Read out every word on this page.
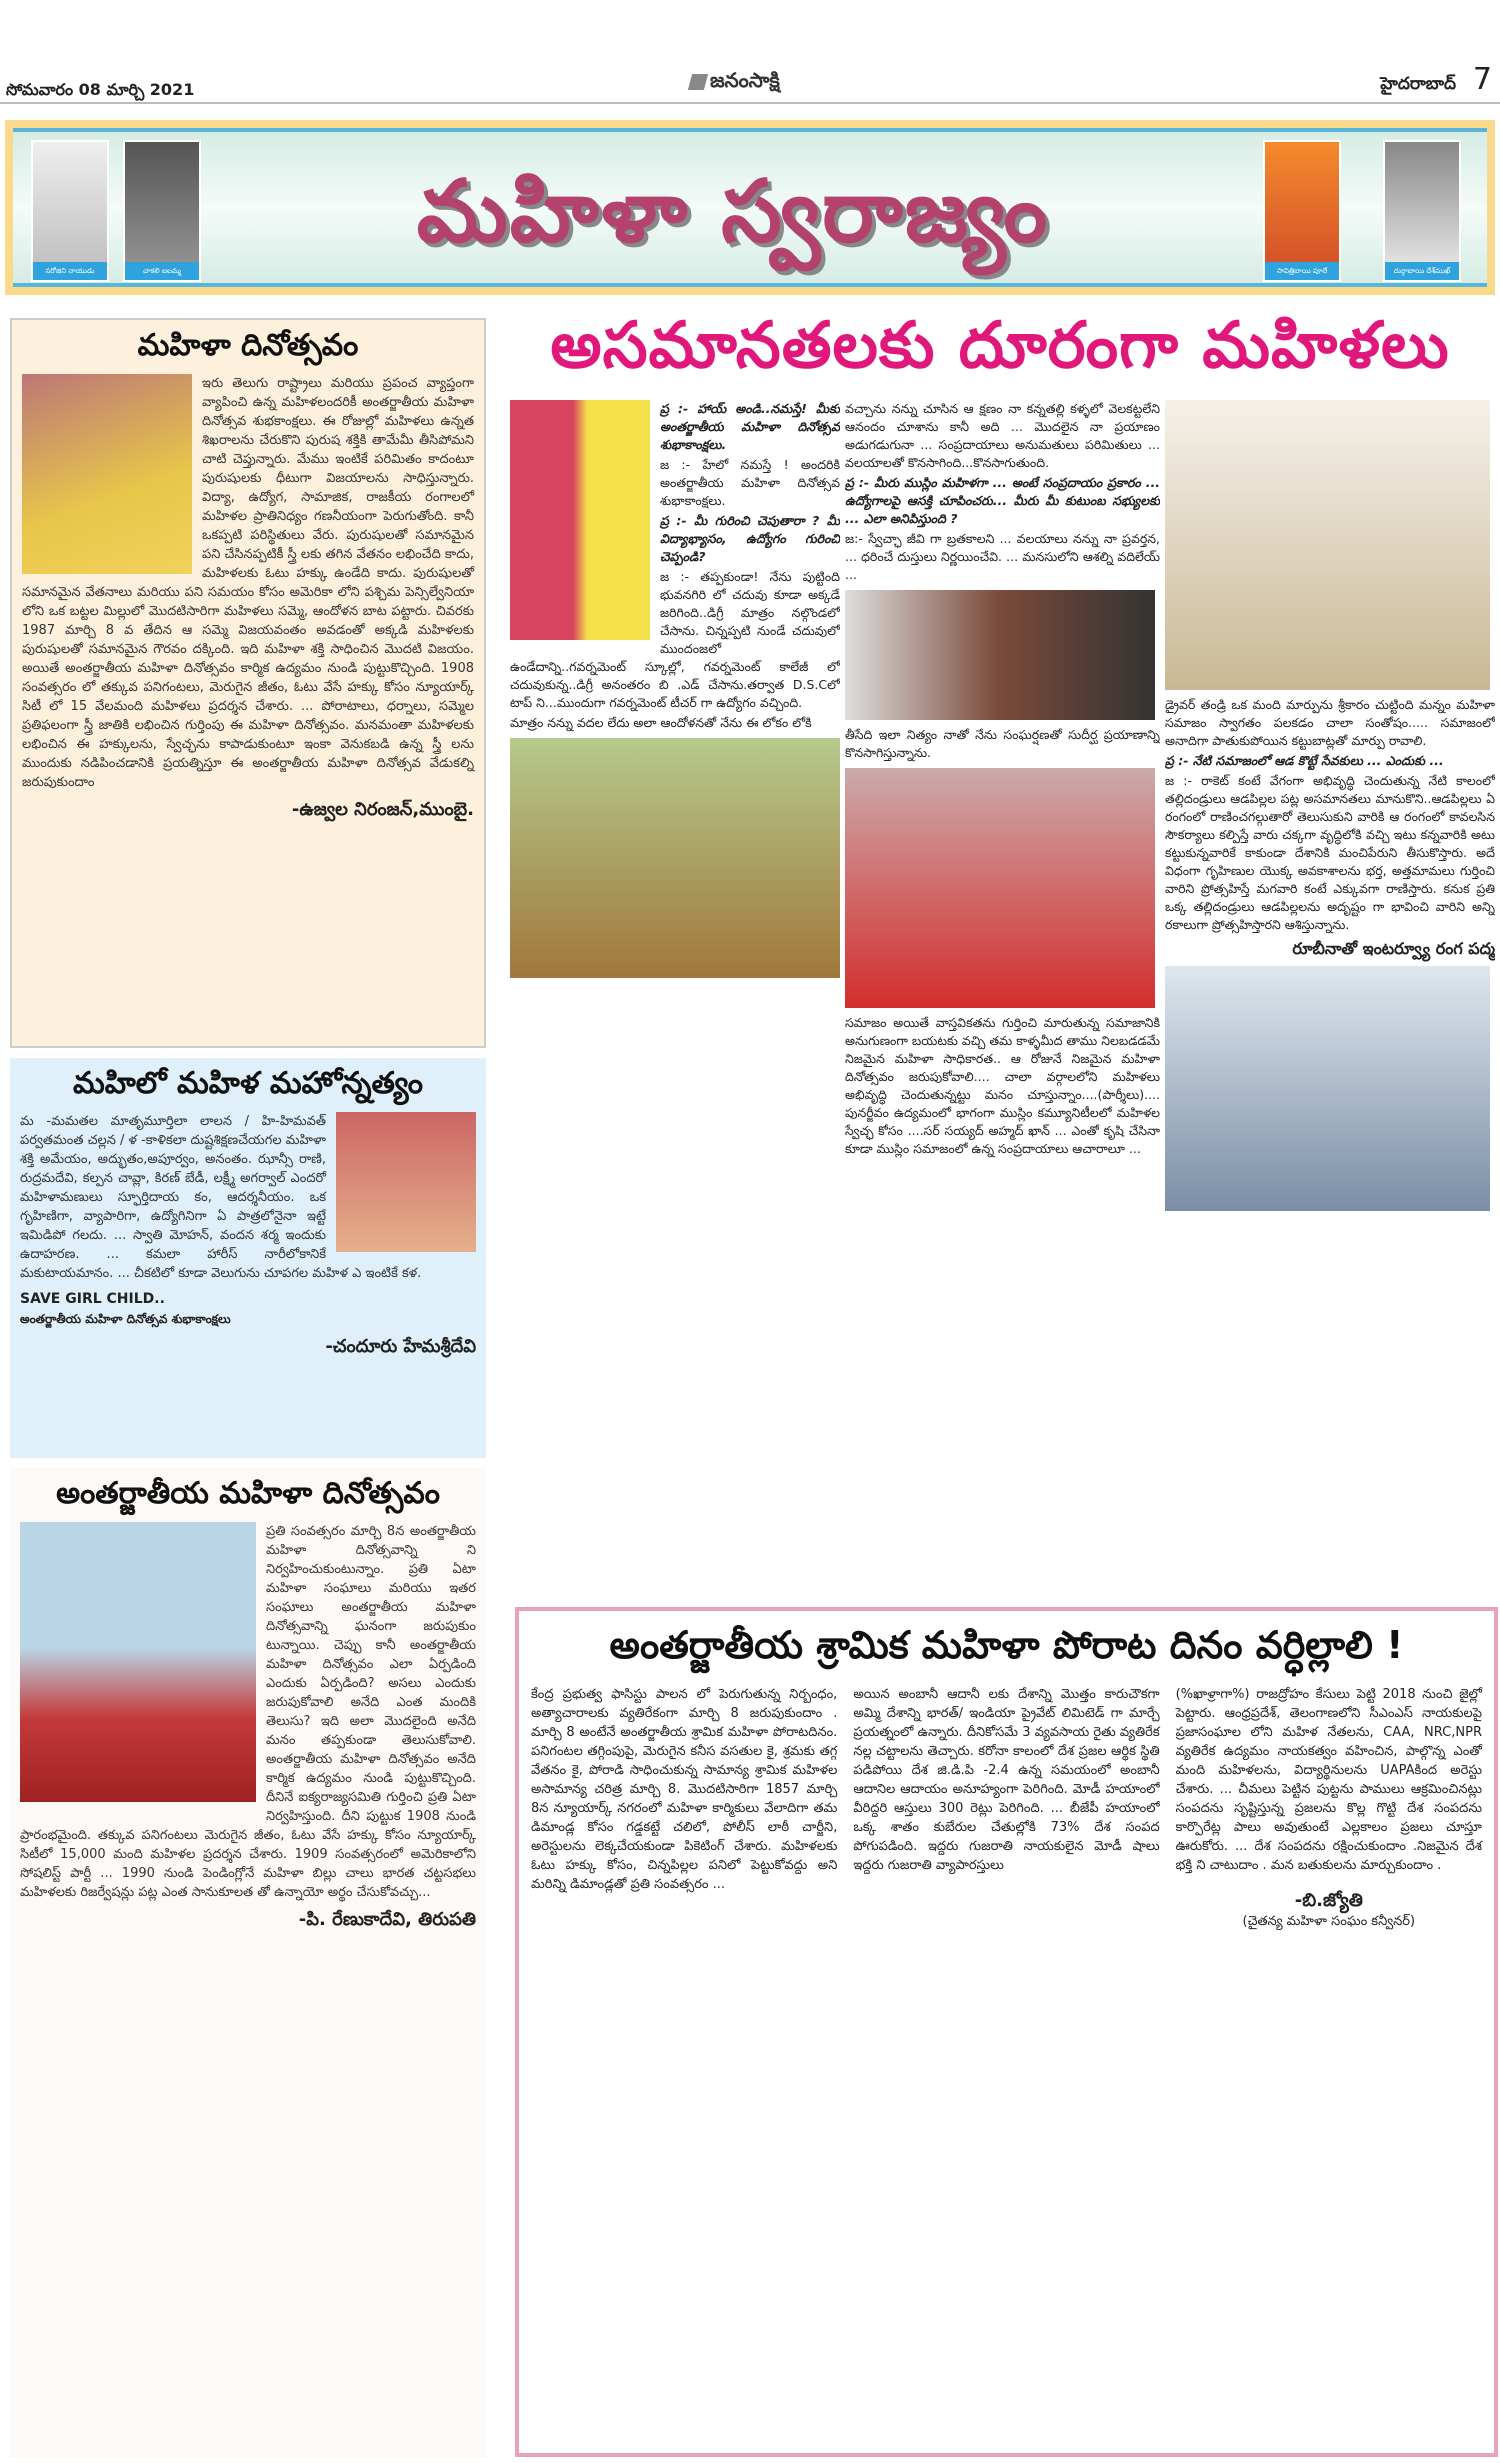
సోమవారం 08 మార్చి 2021	జనంసాక్షి	హైదరాబాద్ 7
సరోజిని నాయుడు	చాకలి ఐలమ్మ
మహిళా స్వరాజ్యం
సావిత్రిబాయి పూలే	దుర్గాబాయి దేశ్‌ముఖ్
మహిళా దినోత్సవం
ఇరు తెలుగు రాష్ట్రాలు మరియు ప్రపంచ వ్యాప్తంగా వ్యాపించి ఉన్న మహిళలందరికీ అంతర్జాతీయ మహిళా దినోత్సవ శుభకాంక్షలు. ఈ రోజుల్లో మహిళలు ఉన్నత శిఖరాలను చేరుకొని పురుష శక్తికి తామేమీ తీసిపోమని చాటి చెప్తున్నారు. మేము ఇంటికే పరిమితం కాదంటూ పురుషులకు ధీటుగా విజయాలను సాధిస్తున్నారు. విద్యా, ఉద్యోగ, సామాజిక, రాజకీయ రంగాలలో మహిళల ప్రాతినిధ్యం గణనీయంగా పెరుగుతోంది. కానీ ఒకప్పటి పరిస్థితులు వేరు. పురుషులతో సమానమైన పని చేసినప్పటికీ స్త్రీ లకు తగిన వేతనం లభించేది కాదు, మహిళలకు ఓటు హక్కు ఉండేది కాదు. పురుషులతో సమానమైన వేతనాలు మరియు పని సమయం కోసం అమెరికా లోని పశ్చిమ పెన్సిల్వేనియా లోని ఒక బట్టల మిల్లులో మొదటిసారిగా మహిళలు సమ్మె, ఆందోళన బాట పట్టారు. చివరకు 1987 మార్చి 8 వ తేదిన ఆ సమ్మె విజయవంతం అవడంతో అక్కడి మహిళలకు పురుషులతో సమానమైన గౌరవం దక్కింది. ఇది మహిళా శక్తి సాధించిన మొదటి విజయం. అయితే అంతర్జాతీయ మహిళా దినోత్సవం కార్మిక ఉద్యమం నుండి పుట్టుకొచ్చింది. 1908 సంవత్సరం లో తక్కువ పనిగంటలు, మెరుగైన జీతం, ఓటు వేసే హక్కు కోసం న్యూయార్క్ సిటీ లో 15 వేలమంది మహిళలు ప్రదర్శన చేశారు. ... పోరాటాలు, ధర్నాలు, సమ్మెల ప్రతిఫలంగా స్త్రీ జాతికి లభించిన గుర్తింపు ఈ మహిళా దినోత్సవం. మనమంతా మహిళలకు లభించిన ఈ హక్కులను, స్వేచ్ఛను కాపాడుకుంటూ ఇంకా వెనుకబడి ఉన్న స్త్రీ లను ముందుకు నడిపించడానికి ప్రయత్నిస్తూ ఈ అంతర్జాతీయ మహిళా దినోత్సవ వేడుకల్ని జరుపుకుందాం
-ఉజ్వల నిరంజన్,ముంబై.
మహిలో మహిళ మహోన్నత్యం
మ -మమతల మాతృమూర్తిలా లాలన / హి-హిమవత్ పర్వతమంత చల్లన / ళ -కాళికలా దుష్టశిక్షణచేయగల మహిళా శక్తి అమేయం, అద్భుతం,అపూర్వం, అనంతం. ఝాన్సీ రాణి, రుద్రమదేవి, కల్పన చావ్లా, కిరణ్ బేడీ, లక్ష్మీ అగర్వాల్ ఎందరో మహిళామణులు స్ఫూర్తిదాయ కం, ఆదర్శనీయం. ఒక గృహిణిగా, వ్యాపారిగా, ఉద్యోగినిగా ఏ పాత్రలోనైనా ఇట్టే ఇమిడిపో గలదు. ... స్వాతి మోహన్, వందన శర్మ ఇందుకు ఉదాహరణ. ... కమలా హారీస్ నారీలోకానికే మకుటాయమానం. ... చీకటిలో కూడా వెలుగును చూపగల మహిళ ఎ ఇంటికే కళ.
SAVE GIRL CHILD..
అంతర్జాతీయ మహిళా దినోత్సవ శుభాకాంక్షలు
-చందూరు హేమశ్రీదేవి
అంతర్జాతీయ మహిళా దినోత్సవం
ప్రతి సంవత్సరం మార్చి 8న అంతర్జాతీయ మహిళా దినోత్సవాన్ని ని నిర్వహించుకుంటున్నాం. ప్రతి ఏటా మహిళా సంఘాలు మరియు ఇతర సంఘాలు అంతర్జాతీయ మహిళా దినోత్సవాన్ని ఘనంగా జరుపుకుం టున్నాయి. చెప్పు కానీ అంతర్జాతీయ మహిళా దినోత్సవం ఎలా ఏర్పడింది ఎందుకు ఏర్పడింది? అసలు ఎందుకు జరుపుకోవాలి అనేది ఎంత మందికి తెలుసు? ఇది అలా మొదలైంది అనేది మనం తప్పకుండా తెలుసుకోవాలి. అంతర్జాతీయ మహిళా దినోత్సవం అనేది కార్మిక ఉద్యమం నుండి పుట్టుకొచ్చింది. దీనినే ఐక్యరాజ్యసమితి గుర్తించి ప్రతి ఏటా నిర్వహిస్తుంది. దీని పుట్టుక 1908 నుండి ప్రారంభమైంది. తక్కువ పనిగంటలు మెరుగైన జీతం, ఓటు వేసే హక్కు కోసం న్యూయార్క్ సిటీలో 15,000 మంది మహిళల ప్రదర్శన చేశారు. 1909 సంవత్సరంలో అమెరికాలోని సోషలిస్ట్ పార్టీ ... 1990 నుండి పెండింగ్లోనే మహిళా బిల్లు చాలు భారత చట్టసభలు మహిళలకు రిజర్వేషన్లు పట్ల ఎంత సానుకూలత తో ఉన్నాయో అర్థం చేసుకోవచ్చు...
-పి. రేణుకాదేవి, తిరుపతి
అసమానతలకు దూరంగా మహిళలు

ప్ర :- హాయ్ అండి..నమస్తే! మీకు అంతర్జాతీయ మహిళా దినోత్సవ శుభాకాంక్షలు.

జ :- హేలో నమస్తే ! అందరికి అంతర్జాతీయ మహిళా దినోత్సవ శుభాకాంక్షలు.

ప్ర :- మీ గురించి చెపుతారా ? మీ విద్యాభ్యాసం, ఉద్యోగం గురించి చెప్పండి?

జ :- తప్పకుండా! నేను పుట్టింది భువనగిరి లో చదువు కూడా అక్కడే జరిగింది..డిగ్రీ మాత్రం నల్గొండలో చేసాను. చిన్నప్పటి నుండే చదువులో ముందంజలో ఉండేదాన్ని..గవర్నమెంట్ స్కూల్లో, గవర్నమెంట్ కాలేజీ లో చదువుకున్న..డిగ్రీ అనంతరం బి .ఎడ్ చేసాను.తర్వాత D.S.Cలో టాప్ ని...ముందుగా గవర్నమెంట్ టీచర్ గా ఉద్యోగం వచ్చింది.

మాత్రం నన్ను వదల లేదు అలా ఆందోళనతో నేను ఈ లోకం లోకి

వచ్చాను నన్ను చూసిన ఆ క్షణం నా కన్నతల్లి కళ్ళలో వెలకట్టలేని ఆనందం చూశాను కానీ అది ... మొదలైన నా ప్రయాణం అడుగడుగునా ... సంప్రదాయాలు అనుమతులు పరిమితులు ... వలయాలతో కొనసాగింది...కొనసాగుతుంది.

ప్ర :- మీరు ముస్లిం మహిళగా ... అంటే సంప్రదాయం ప్రకారం ... ఉద్యోగాలపై ఆసక్తి చూపించరు... మీరు మీ కుటుంబ సభ్యులకు ... ఎలా అనిపిస్తుంది ?

జ:- స్వేచ్ఛా జీవి గా బ్రతకాలని ... వలయాలు నన్ను నా ప్రవర్తన, ... ధరించే దుస్తులు నిర్ణయించేవి. ... మనసులోని ఆశల్ని వదిలేయ్ ...

తీసేది ఇలా నిత్యం నాతో నేను సంఘర్షణతో సుదీర్ఘ ప్రయాణాన్ని కొనసాగిస్తున్నాను.

సమాజం అయితే వాస్తవికతను గుర్తించి మారుతున్న సమాజానికి అనుగుణంగా బయటకు వచ్చి తమ కాళ్ళమీద తాము నిలబడడమే నిజమైన మహిళా సాధికారత.. ఆ రోజునే నిజమైన మహిళా దినోత్సవం జరుపుకోవాలి.... చాలా వర్గాలలోని మహిళలు అభివృద్ధి చెందుతున్నట్టు మనం చూస్తున్నాం....(పార్శీలు).... పునర్జీవం ఉద్యమంలో భాగంగా ముస్లిం కమ్యూనిటీలలో మహిళల స్వేచ్ఛ కోసం ....సర్ సయ్యద్ అహ్మద్ ఖాన్ ... ఎంతో కృషి చేసినా కూడా ముస్లిం సమాజంలో ఉన్న సంప్రదాయాలు ఆచారాలూ ...

డ్రైవర్ తండ్రి ఒక మంది మార్పును శ్రీకారం చుట్టింది మన్నం మహిళా సమాజం స్వాగతం పలకడం చాలా సంతోషం..... సమాజంలో అనాదిగా పాతుకుపోయిన కట్టుబాట్లతో మార్పు రావాలి.

ప్ర :- నేటి సమాజంలో ఆడ కొట్టే సేవకులు ... ఎందుకు ...

జ :- రాకెట్ కంటే వేగంగా అభివృద్ధి చెందుతున్న నేటి కాలంలో తల్లిదండ్రులు ఆడపిల్లల పట్ల అసమానతలు మానుకొని..ఆడపిల్లలు ఏ రంగంలో రాణించగల్గుతారో తెలుసుకుని వారికి ఆ రంగంలో కావలసిన సౌకర్యాలు కల్పిస్తే వారు చక్కగా వృద్ధిలోకి వచ్చి ఇటు కన్నవారికి అటు కట్టుకున్నవారికే కాకుండా దేశానికి మంచిపేరుని తీసుకొస్తారు. అదే విధంగా గృహిణుల యొక్క అవకాశాలను భర్త, అత్తమామలు గుర్తించి వారిని ప్రోత్సహిస్తే మగవారి కంటే ఎక్కువగా రాణిస్తారు. కనుక ప్రతి ఒక్క తల్లిదండ్రులు ఆడపిల్లలను అదృష్టం గా భావించి వారిని అన్ని రకాలుగా ప్రోత్సహిస్తారని ఆశిస్తున్నాను.

రూబీనాతో ఇంటర్వ్యూ రంగ పద్మ
అంతర్జాతీయ శ్రామిక మహిళా పోరాట దినం వర్ధిల్లాలి !
కేంద్ర ప్రభుత్వ ఫాసిస్టు పాలన లో పెరుగుతున్న నిర్బంధం, అత్యాచారాలకు వ్యతిరేకంగా మార్చి 8 జరుపుకుందాం . మార్చి 8 అంటేనే అంతర్జాతీయ శ్రామిక మహిళా పోరాటదినం. పనిగంటల తగ్గింపుపై, మెరుగైన కనీస వసతుల కై, శ్రమకు తగ్గ వేతనం కై, పోరాడి సాధించుకున్న సామాన్య శ్రామిక మహిళల అసామాన్య చరిత్ర మార్చి 8. మొదటిసారిగా 1857 మార్చి 8న న్యూయార్క్ నగరంలో మహిళా కార్మికులు వేలాదిగా తమ డిమాండ్ల కోసం గడ్డకట్టే చలిలో, పోలీస్ లాఠీ చార్జీని, అరెస్టులను లెక్కచేయకుండా పికెటింగ్ చేశారు. మహిళలకు ఓటు హక్కు కోసం, చిన్నపిల్లల పనిలో పెట్టుకోవద్దు అని మరిన్ని డిమాండ్లతో ప్రతి సంవత్సరం ...
అయిన అంబానీ ఆదానీ లకు దేశాన్ని మొత్తం కారుచౌకగా అమ్మి దేశాన్ని భారత్/ ఇండియా ప్రైవేట్ లిమిటెడ్ గా మార్చే ప్రయత్నంలో ఉన్నారు. దీనికోసమే 3 వ్యవసాయ రైతు వ్యతిరేక నల్ల చట్టాలను తెచ్చారు. కరోనా కాలంలో దేశ ప్రజల ఆర్థిక స్థితి పడిపోయి దేశ జి.డి.పి -2.4 ఉన్న సమయంలో అంబానీ ఆదానిల ఆదాయం అనూహ్యంగా పెరిగింది. మోడీ హయాంలో వీరిద్దరి ఆస్తులు 300 రెట్లు పెరిగింది. ... బీజేపీ హయాంలో ఒక్క శాతం కుబేరుల చేతుల్లోకి 73% దేశ సంపద పోగుపడింది. ఇద్దరు గుజరాతి నాయకులైన మోడీ షాలు ఇద్దరు గుజరాతి వ్యాపారస్తులు

(%ఖాళ్రాగా%) రాజద్రోహం కేసులు పెట్టి 2018 నుంచి జైల్లో పెట్టారు. ఆంధ్రప్రదేశ్, తెలంగాణలోని సీఎంఎస్ నాయకులపై ప్రజాసంఘాల లోని మహిళ నేతలను, CAA, NRC,NPR వ్యతిరేక ఉద్యమం నాయకత్వం వహించిన, పాల్గొన్న ఎంతో మంది మహిళలను, విద్యార్థినులను UAPAకింద అరెస్టు చేశారు. ... చీమలు పెట్టిన పుట్టను పాములు ఆక్రమించినట్లు సంపదను సృష్టిస్తున్న ప్రజలను కొల్ల గొట్టి దేశ సంపదను కార్పొరేట్ల పాలు అవుతుంటే ఎల్లకాలం ప్రజలు చూస్తూ ఊరుకోరు. ... దేశ సంపదను రక్షించుకుందాం .నిజమైన దేశ భక్తి ని చాటుదాం . మన బతుకులను మార్చుకుందాం .

-బి.జ్యోతి
(చైతన్య మహిళా సంఘం కన్వీనర్)
